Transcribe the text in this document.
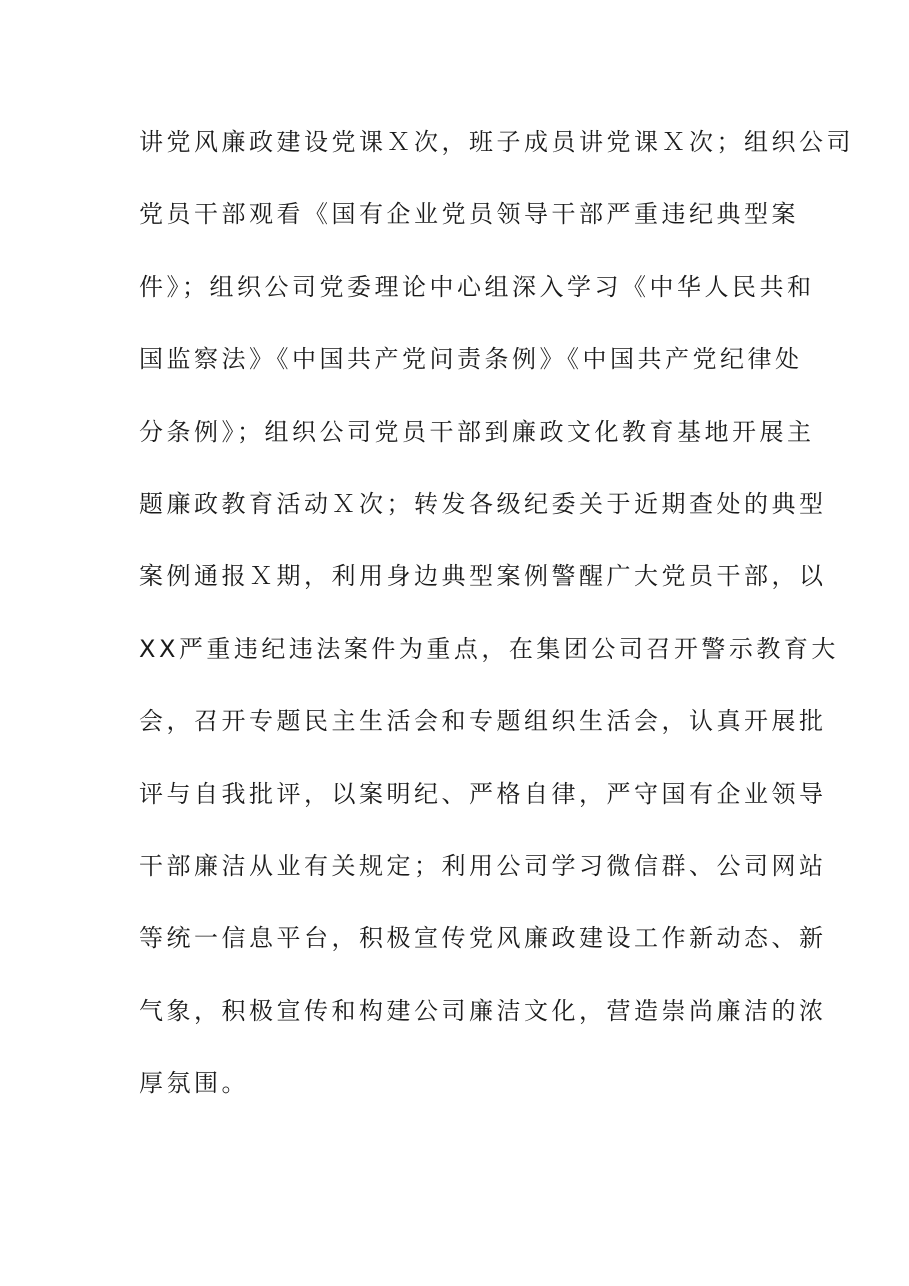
讲党风廉政建设党课Ｘ次，班子成员讲党课Ｘ次；组织公司
党员干部观看《国有企业党员领导干部严重违纪典型案
件》；组织公司党委理论中心组深入学习《中华人民共和
国监察法》《中国共产党问责条例》《中国共产党纪律处
分条例》；组织公司党员干部到廉政文化教育基地开展主
题廉政教育活动Ｘ次；转发各级纪委关于近期查处的典型
案例通报Ｘ期，利用身边典型案例警醒广大党员干部，以
XX严重违纪违法案件为重点，在集团公司召开警示教育大
会，召开专题民主生活会和专题组织生活会，认真开展批
评与自我批评，以案明纪、严格自律，严守国有企业领导
干部廉洁从业有关规定；利用公司学习微信群、公司网站
等统一信息平台，积极宣传党风廉政建设工作新动态、新
气象，积极宣传和构建公司廉洁文化，营造崇尚廉洁的浓
厚氛围。
